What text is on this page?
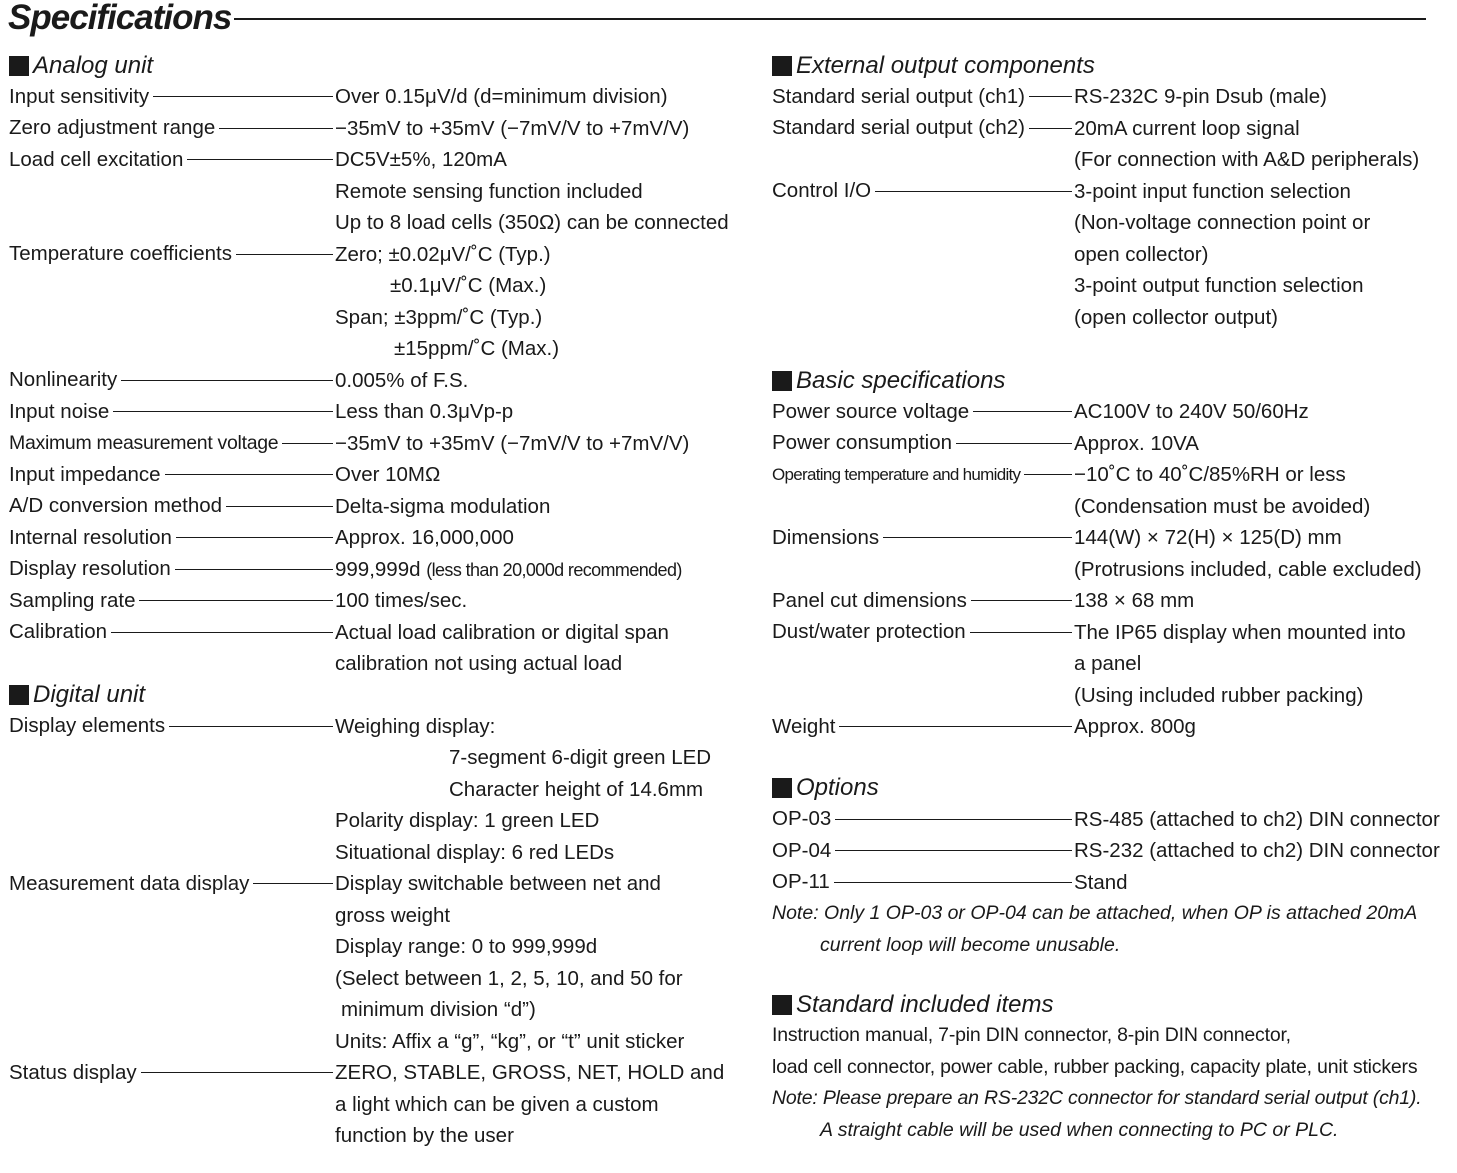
Specifications
Analog unit
Input sensitivity	Over 0.15μV/d (d=minimum division)
Zero adjustment range	−35mV to +35mV (−7mV/V to +7mV/V)
Load cell excitation	DC5V±5%, 120mA
Remote sensing function included
Up to 8 load cells (350Ω) can be connected
Temperature coefficients	Zero; ±0.02μV/˚C (Typ.)
±0.1μV/˚C (Max.)
Span; ±3ppm/˚C (Typ.)
±15ppm/˚C (Max.)
Nonlinearity	0.005% of F.S.
Input noise	Less than 0.3μVp-p
Maximum measurement voltage	−35mV to +35mV (−7mV/V to +7mV/V)
Input impedance	Over 10MΩ
A/D conversion method	Delta-sigma modulation
Internal resolution	Approx. 16,000,000
Display resolution	999,999d (less than 20,000d recommended)
Sampling rate	100 times/sec.
Calibration	Actual load calibration or digital span
calibration not using actual load
Digital unit
Display elements	Weighing display:
7-segment 6-digit green LED
Character height of 14.6mm
Polarity display: 1 green LED
Situational display: 6 red LEDs
Measurement data display	Display switchable between net and
gross weight
Display range: 0 to 999,999d
(Select between 1, 2, 5, 10, and 50 for
minimum division “d”)
Units: Affix a “g”, “kg”, or “t” unit sticker
Status display	ZERO, STABLE, GROSS, NET, HOLD and
a light which can be given a custom
function by the user
External output components
Standard serial output (ch1) RS-232C 9-pin Dsub (male)
Standard serial output (ch2) 20mA current loop signal
(For connection with A&D peripherals)
Control I/O	3-point input function selection
(Non-voltage connection point or
open collector)
3-point output function selection
(open collector output)
Basic specifications
Power source voltage	AC100V to 240V 50/60Hz
Power consumption	Approx. 10VA
Operating temperature and humidity	−10˚C to 40˚C/85%RH or less
(Condensation must be avoided)
Dimensions	144(W) × 72(H) × 125(D) mm
(Protrusions included, cable excluded)
Panel cut dimensions	138 × 68 mm
Dust/water protection	The IP65 display when mounted into
a panel
(Using included rubber packing)
Weight	Approx. 800g
Options
OP-03	RS-485 (attached to ch2) DIN connector
OP-04	RS-232 (attached to ch2) DIN connector
OP-11	Stand
Note: Only 1 OP-03 or OP-04 can be attached, when OP is attached 20mA
current loop will become unusable.
Standard included items
Instruction manual, 7-pin DIN connector, 8-pin DIN connector,
load cell connector, power cable, rubber packing, capacity plate, unit stickers
Note: Please prepare an RS-232C connector for standard serial output (ch1).
A straight cable will be used when connecting to PC or PLC.
